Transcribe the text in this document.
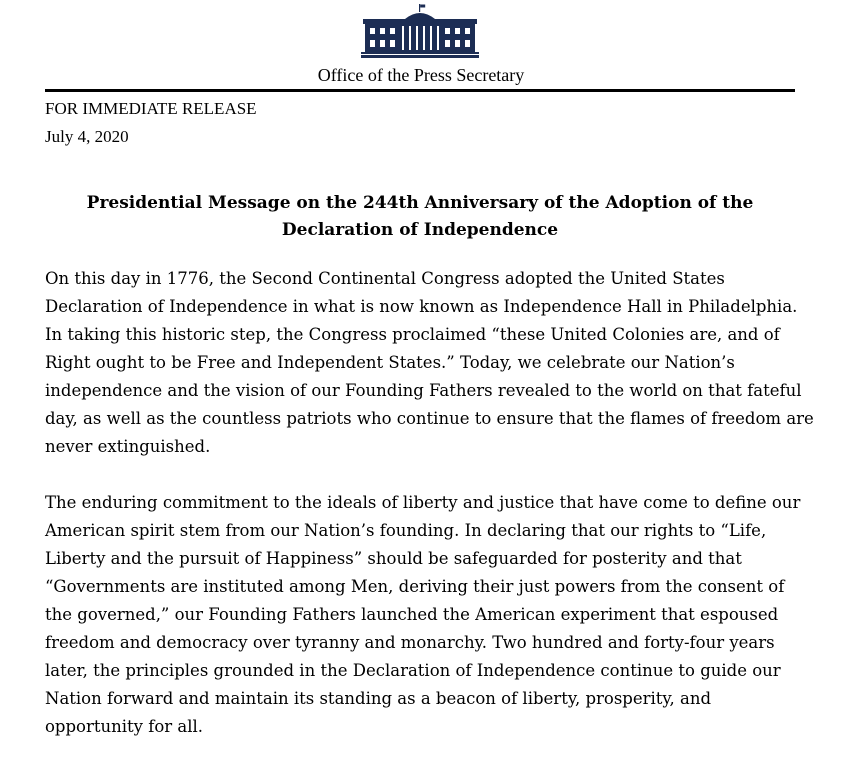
Office of the Press Secretary
FOR IMMEDIATE RELEASE
July 4, 2020
Presidential Message on the 244th Anniversary of the Adoption of the
Declaration of Independence
On this day in 1776, the Second Continental Congress adopted the United States
Declaration of Independence in what is now known as Independence Hall in Philadelphia.
In taking this historic step, the Congress proclaimed “these United Colonies are, and of
Right ought to be Free and Independent States.” Today, we celebrate our Nation’s
independence and the vision of our Founding Fathers revealed to the world on that fateful
day, as well as the countless patriots who continue to ensure that the flames of freedom are
never extinguished.
The enduring commitment to the ideals of liberty and justice that have come to define our
American spirit stem from our Nation’s founding. In declaring that our rights to “Life,
Liberty and the pursuit of Happiness” should be safeguarded for posterity and that
“Governments are instituted among Men, deriving their just powers from the consent of
the governed,” our Founding Fathers launched the American experiment that espoused
freedom and democracy over tyranny and monarchy. Two hundred and forty-four years
later, the principles grounded in the Declaration of Independence continue to guide our
Nation forward and maintain its standing as a beacon of liberty, prosperity, and
opportunity for all.
